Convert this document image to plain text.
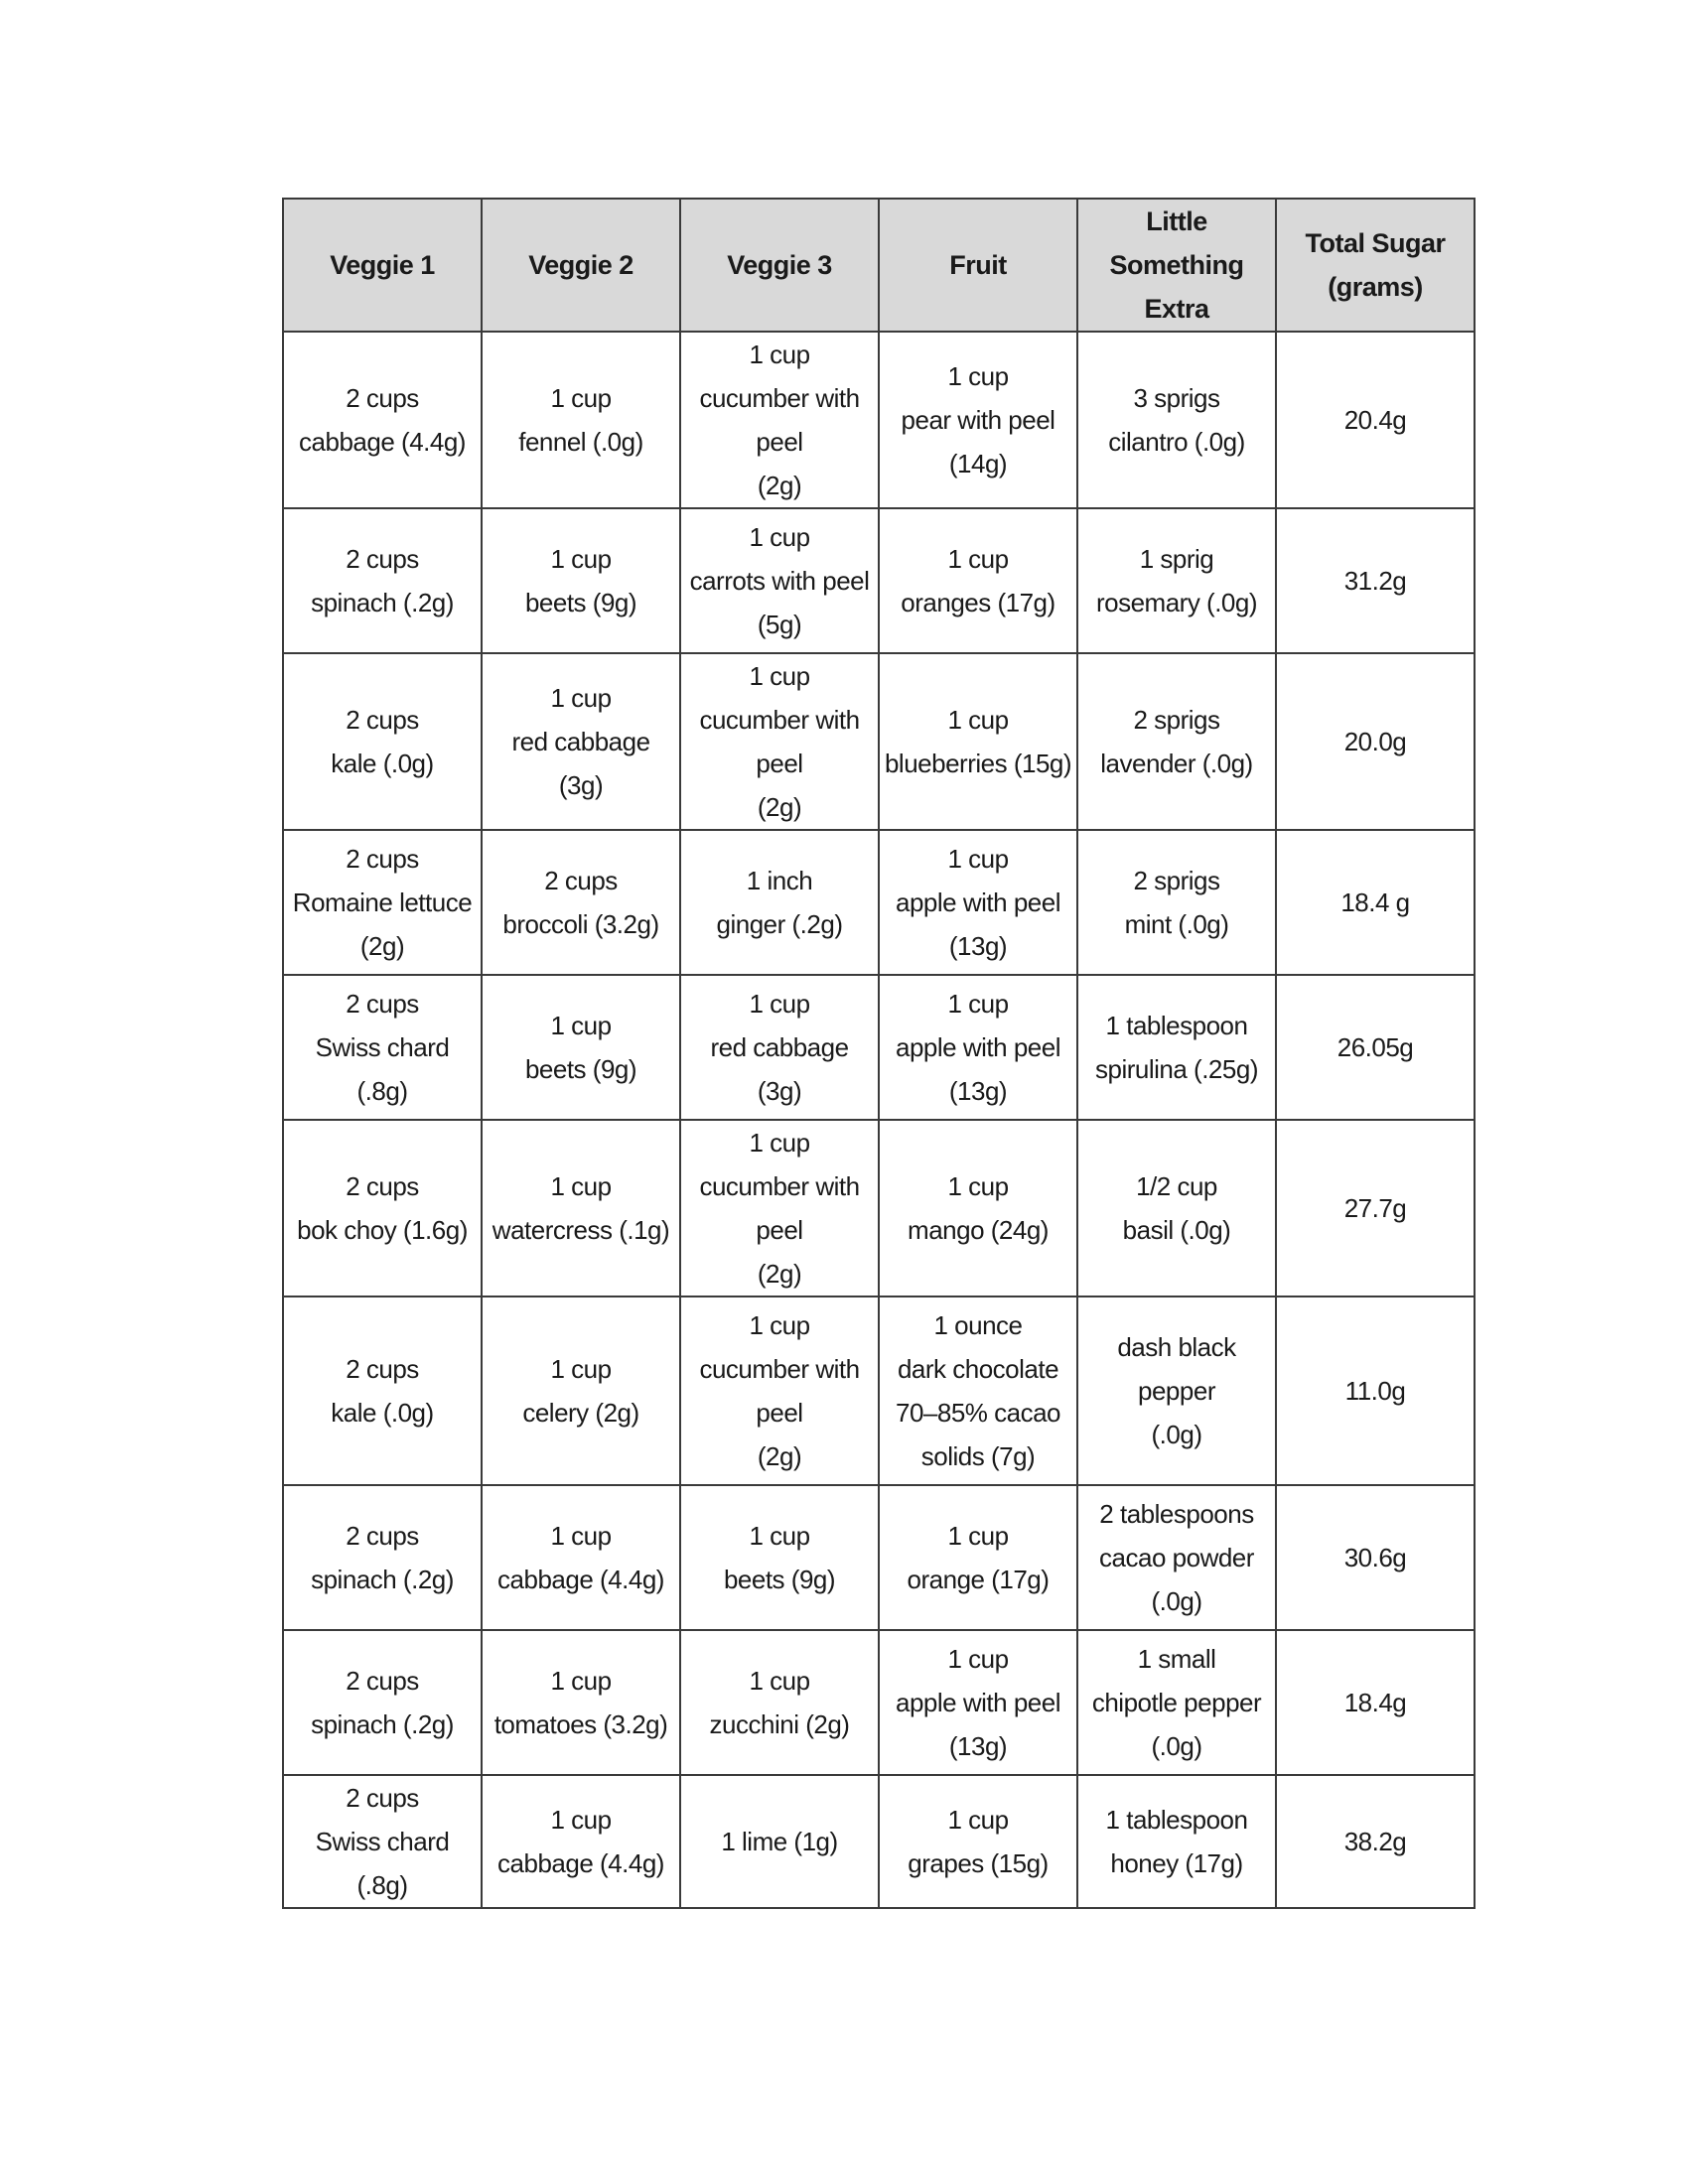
Veggie 1	Veggie 2	Veggie 3	Fruit	Little Something
Extra	Total Sugar
(grams)

2 cups
cabbage (4.4g)	1 cup
fennel (.0g)	1 cup
cucumber with peel
(2g)	1 cup
pear with peel
(14g)	3 sprigs
cilantro (.0g)	20.4g

2 cups
spinach (.2g)	1 cup
beets (9g)	1 cup
carrots with peel
(5g)	1 cup
oranges (17g)	1 sprig
rosemary (.0g)	31.2g

2 cups
kale (.0g)	1 cup
red cabbage (3g)	1 cup
cucumber with peel
(2g)	1 cup
blueberries (15g)	2 sprigs
lavender (.0g)	20.0g

2 cups
Romaine lettuce
(2g)	2 cups
broccoli (3.2g)	1 inch
ginger (.2g)	1 cup
apple with peel
(13g)	2 sprigs
mint (.0g)	18.4 g

2 cups
Swiss chard (.8g)	1 cup
beets (9g)	1 cup
red cabbage (3g)	1 cup
apple with peel
(13g)	1 tablespoon
spirulina (.25g)	26.05g

2 cups
bok choy (1.6g)	1 cup
watercress (.1g)	1 cup
cucumber with peel
(2g)	1 cup
mango (24g)	1/2 cup
basil (.0g)	27.7g

2 cups
kale (.0g)	1 cup
celery (2g)	1 cup
cucumber with peel
(2g)	1 ounce
dark chocolate
70–85% cacao
solids (7g)	dash black pepper
(.0g)	11.0g

2 cups
spinach (.2g)	1 cup
cabbage (4.4g)	1 cup
beets (9g)	1 cup
orange (17g)	2 tablespoons
cacao powder (.0g)	30.6g

2 cups
spinach (.2g)	1 cup
tomatoes (3.2g)	1 cup
zucchini (2g)	1 cup
apple with peel
(13g)	1 small
chipotle pepper
(.0g)	18.4g

2 cups
Swiss chard (.8g)	1 cup
cabbage (4.4g)	1 lime (1g)	1 cup
grapes (15g)	1 tablespoon
honey (17g)	38.2g
